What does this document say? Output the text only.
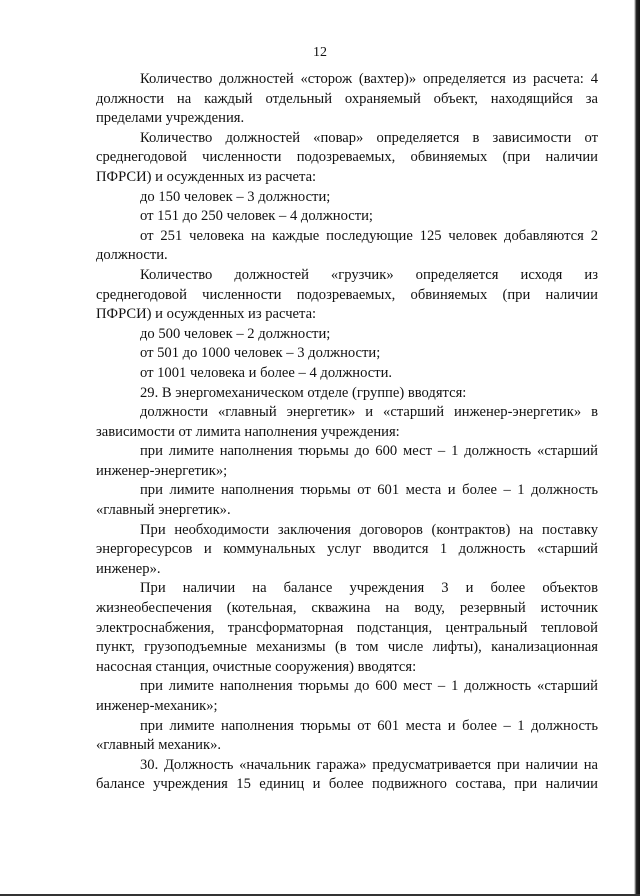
12

Количество должностей «сторож (вахтер)» определяется из расчета: 4 должности на каждый отдельный охраняемый объект, находящийся за пределами учреждения.

Количество должностей «повар» определяется в зависимости от среднегодовой численности подозреваемых, обвиняемых (при наличии ПФРСИ) и осужденных из расчета:

до 150 человек – 3 должности;

от 151 до 250 человек – 4 должности;

от 251 человека на каждые последующие 125 человек добавляются 2 должности.

Количество должностей «грузчик» определяется исходя из среднегодовой численности подозреваемых, обвиняемых (при наличии ПФРСИ) и осужденных из расчета:

до 500 человек – 2 должности;

от 501 до 1000 человек – 3 должности;

от 1001 человека и более – 4 должности.

29. В энергомеханическом отделе (группе) вводятся:

должности «главный энергетик» и «старший инженер-энергетик» в зависимости от лимита наполнения учреждения:

при лимите наполнения тюрьмы до 600 мест – 1 должность «старший инженер-энергетик»;

при лимите наполнения тюрьмы от 601 места и более – 1 должность «главный энергетик».

При необходимости заключения договоров (контрактов) на поставку энергоресурсов и коммунальных услуг вводится 1 должность «старший инженер».

При наличии на балансе учреждения 3 и более объектов жизнеобеспечения (котельная, скважина на воду, резервный источник электроснабжения, трансформаторная подстанция, центральный тепловой пункт, грузоподъемные механизмы (в том числе лифты), канализационная насосная станция, очистные сооружения) вводятся:

при лимите наполнения тюрьмы до 600 мест – 1 должность «старший инженер-механик»;

при лимите наполнения тюрьмы от 601 места и более – 1 должность «главный механик».

30. Должность «начальник гаража» предусматривается при наличии на балансе учреждения 15 единиц и более подвижного состава, при наличии
